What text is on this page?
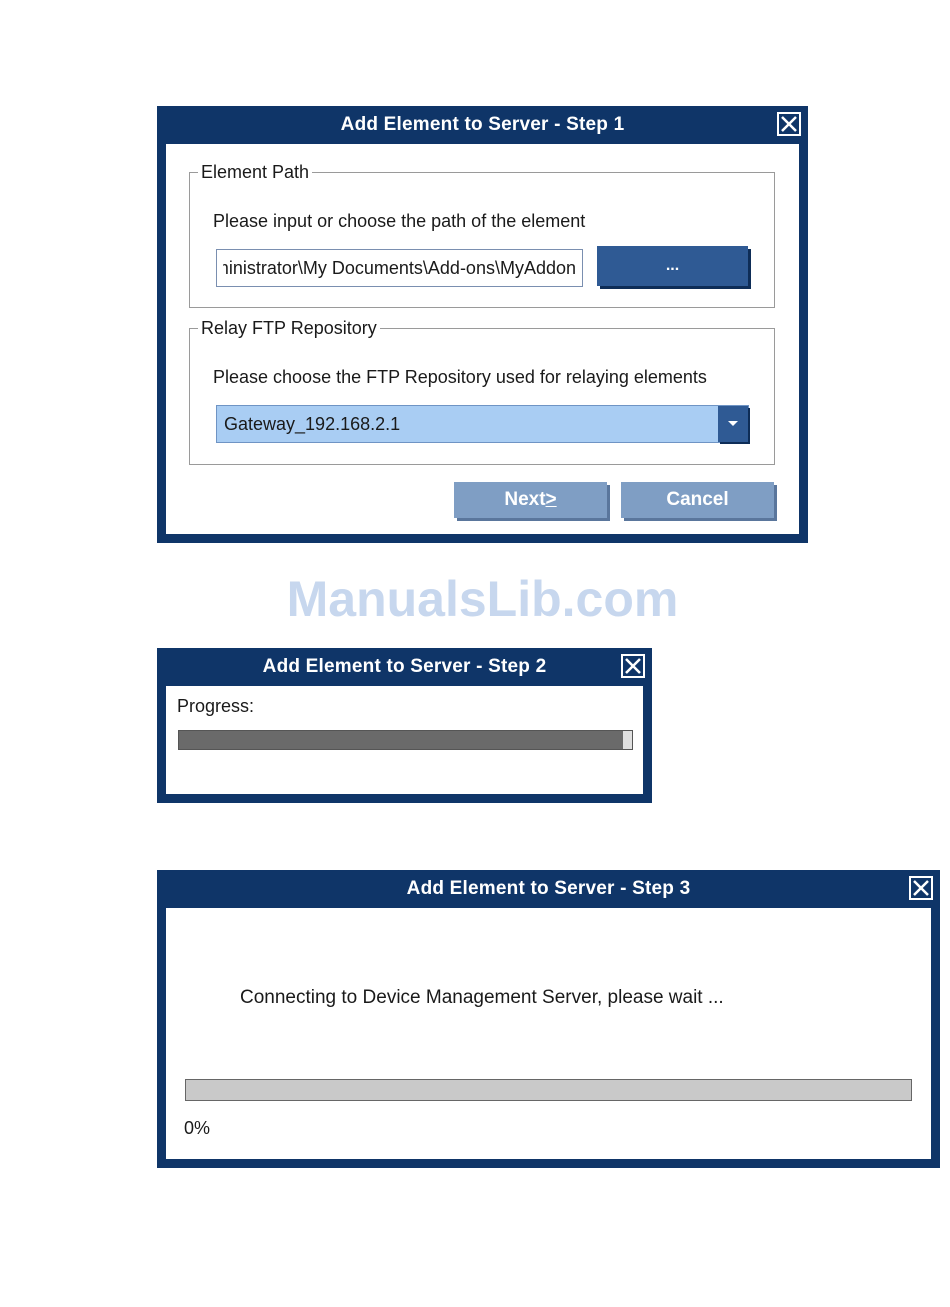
Add Element to Server - Step 1
Element Path
Please input or choose the path of the element
C:\Documents and Settings\Administrator\My Documents\Add-ons\MyAddon
...
Relay FTP Repository
Please choose the FTP Repository used for relaying elements
Gateway_192.168.2.1
Next >	Cancel
ManualsLib.com
Add Element to Server - Step 2
Progress:
Add Element to Server - Step 3
Connecting to Device Management Server, please wait ...
0%
